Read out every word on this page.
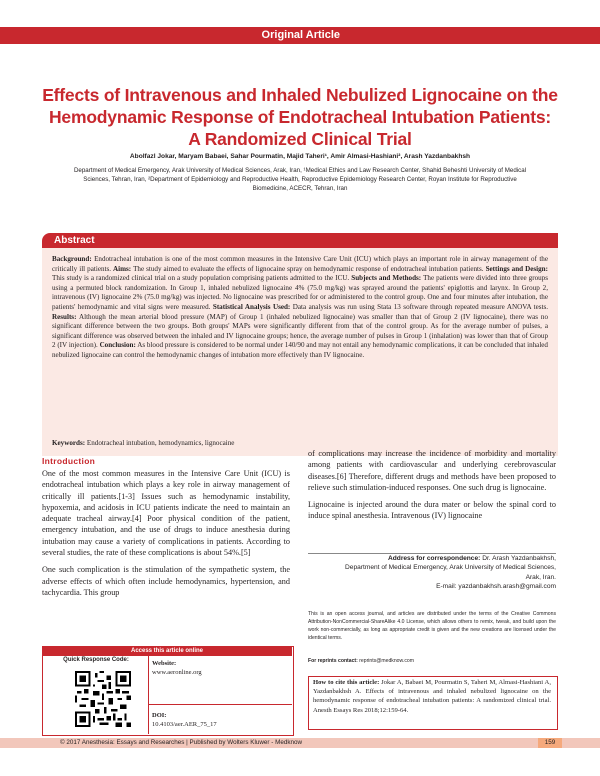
Original Article
Effects of Intravenous and Inhaled Nebulized Lignocaine on the
Hemodynamic Response of Endotracheal Intubation Patients:
A Randomized Clinical Trial
Abolfazl Jokar, Maryam Babaei, Sahar Pourmatin, Majid Taheri¹, Amir Almasi-Hashiani², Arash Yazdanbakhsh
Department of Medical Emergency, Arak University of Medical Sciences, Arak, Iran, ¹Medical Ethics and Law Research Center, Shahid Beheshti University of Medical
Sciences, Tehran, Iran, ²Department of Epidemiology and Reproductive Health, Reproductive Epidemiology Research Center, Royan Institute for Reproductive
Biomedicine, ACECR, Tehran, Iran
Abstract
Background: Endotracheal intubation is one of the most common measures in the Intensive Care Unit (ICU) which plays an important role in airway management of the critically ill patients. Aims: The study aimed to evaluate the effects of lignocaine spray on hemodynamic response of endotracheal intubation patients. Settings and Design: This study is a randomized clinical trial on a study population comprising patients admitted to the ICU. Subjects and Methods: The patients were divided into three groups using a permuted block randomization. In Group 1, inhaled nebulized lignocaine 4% (75.0 mg/kg) was sprayed around the patients' epiglottis and larynx. In Group 2, intravenous (IV) lignocaine 2% (75.0 mg/kg) was injected. No lignocaine was prescribed for or administered to the control group. One and four minutes after intubation, the patients' hemodynamic and vital signs were measured. Statistical Analysis Used: Data analysis was run using Stata 13 software through repeated measure ANOVA tests. Results: Although the mean arterial blood pressure (MAP) of Group 1 (inhaled nebulized lignocaine) was smaller than that of Group 2 (IV lignocaine), there was no significant difference between the two groups. Both groups' MAPs were significantly different from that of the control group. As for the average number of pulses, a significant difference was observed between the inhaled and IV lignocaine groups; hence, the average number of pulses in Group 1 (inhalation) was lower than that of Group 2 (IV injection). Conclusion: As blood pressure is considered to be normal under 140/90 and may not entail any hemodynamic complications, it can be concluded that inhaled nebulized lignocaine can control the hemodynamic changes of intubation more effectively than IV lignocaine.
Keywords: Endotracheal intubation, hemodynamics, lignocaine
Introduction

One of the most common measures in the Intensive Care Unit (ICU) is endotracheal intubation which plays a key role in airway management of critically ill patients.[1-3] Issues such as hemodynamic instability, hypoxemia, and acidosis in ICU patients indicate the need to maintain an adequate tracheal airway.[4] Poor physical condition of the patient, emergency intubation, and the use of drugs to induce anesthesia during intubation may cause a variety of complications in patients. According to several studies, the rate of these complications is about 54%.[5]

One such complication is the stimulation of the sympathetic system, the adverse effects of which often include hemodynamics, hypertension, and tachycardia. This group

of complications may increase the incidence of morbidity and mortality among patients with cardiovascular and underlying cerebrovascular diseases.[6] Therefore, different drugs and methods have been proposed to relieve such stimulation-induced responses. One such drug is lignocaine.

Lignocaine is injected around the dura mater or below the spinal cord to induce spinal anesthesia. Intravenous (IV) lignocaine

Address for correspondence: Dr. Arash Yazdanbakhsh,
Department of Medical Emergency, Arak University of Medical Sciences,
Arak, Iran.
E-mail: yazdanbakhsh.arash@gmail.com
This is an open access journal, and articles are distributed under the terms of the Creative Commons Attribution-NonCommercial-ShareAlike 4.0 License, which allows others to remix, tweak, and build upon the work non-commercially, as long as appropriate credit is given and the new creations are licensed under the identical terms.
For reprints contact: reprints@medknow.com
How to cite this article: Jokar A, Babaei M, Pourmatin S, Taheri M, Almasi-Hashiani A, Yazdanbakhsh A. Effects of intravenous and inhaled nebulized lignocaine on the hemodynamic response of endotracheal intubation patients: A randomized clinical trial. Anesth Essays Res 2018;12:159-64.
Access this article online
Quick Response Code:	Website:
www.aeronline.org
DOI:
10.4103/aer.AER_75_17
© 2017 Anesthesia: Essays and Researches | Published by Wolters Kluwer - Medknow	159
